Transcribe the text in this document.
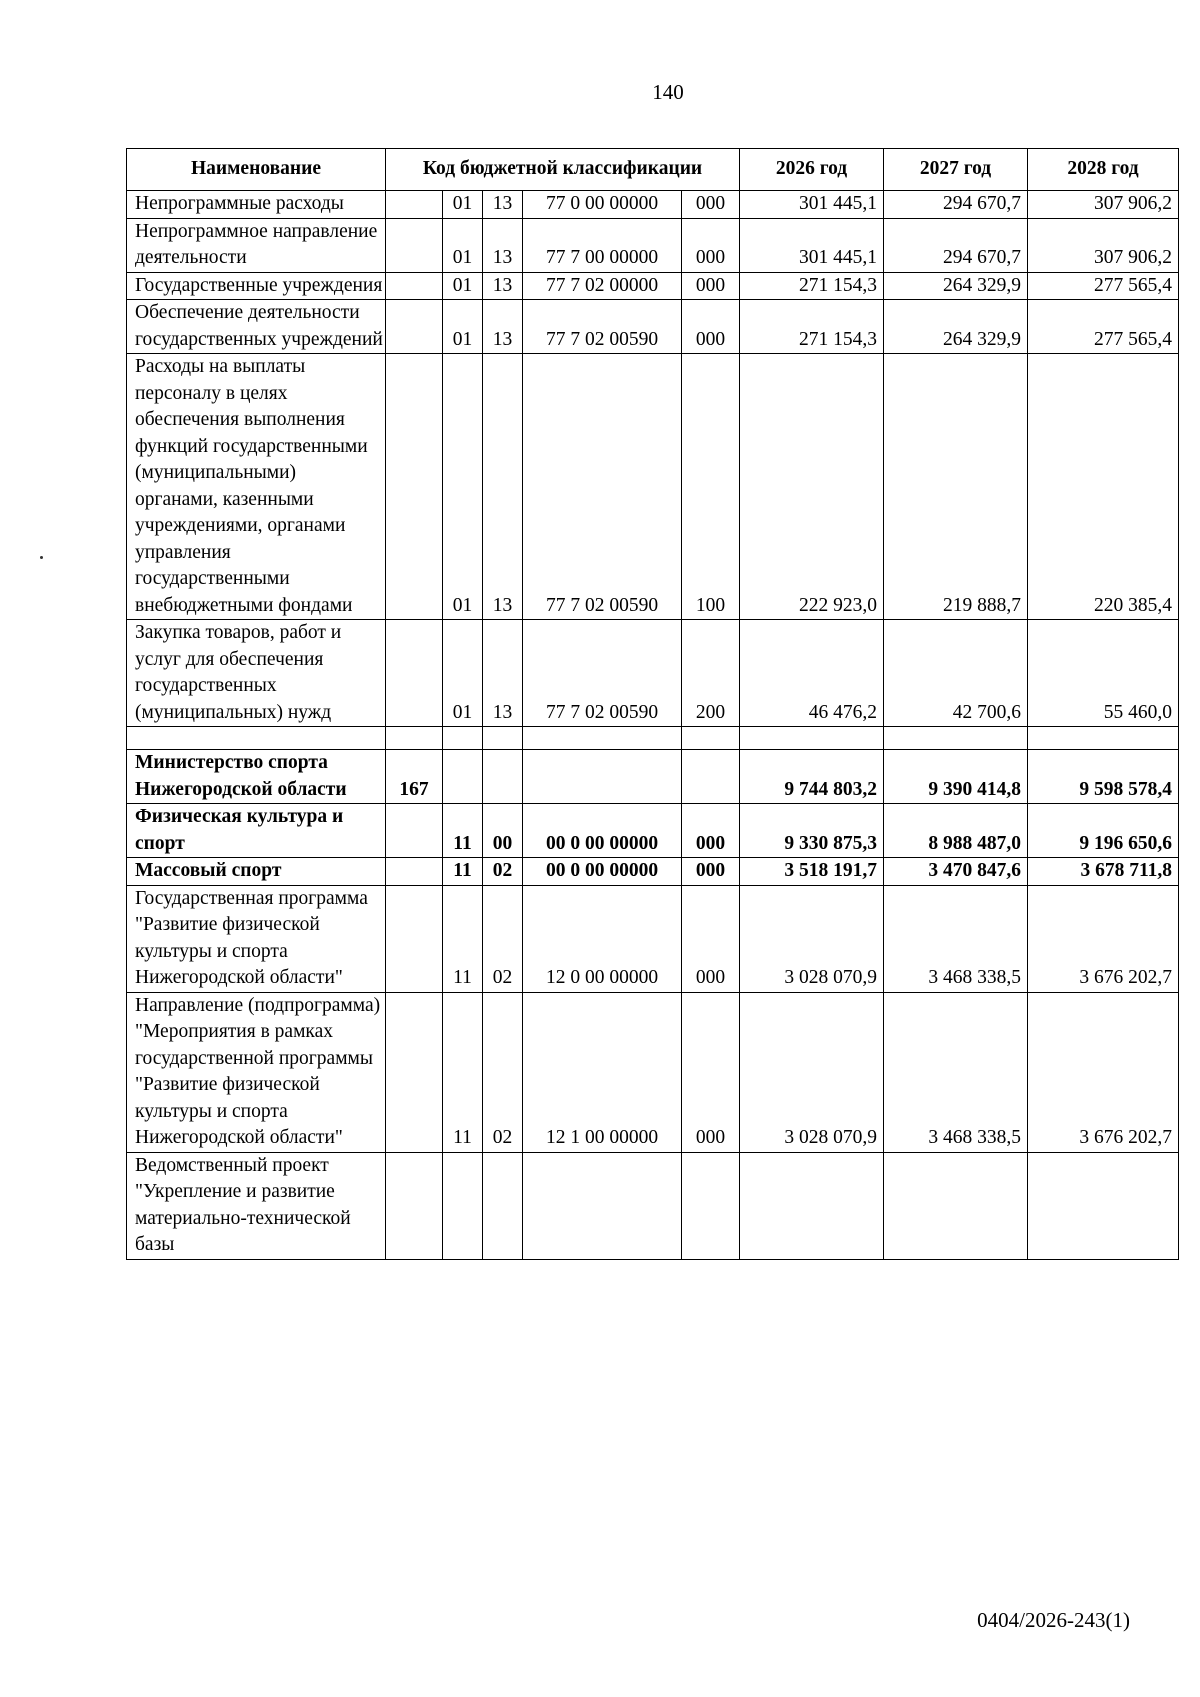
140
Наименование	Код бюджетной классификации					2026 год	2027 год	2028 год
Непрограммные расходы		01	13	77 0 00 00000	000	301 445,1	294 670,7	307 906,2
Непрограммное направление деятельности		01	13	77 7 00 00000	000	301 445,1	294 670,7	307 906,2
Государственные учреждения		01	13	77 7 02 00000	000	271 154,3	264 329,9	277 565,4
Обеспечение деятельности государственных учреждений		01	13	77 7 02 00590	000	271 154,3	264 329,9	277 565,4
Расходы на выплаты персоналу в целях обеспечения выполнения функций государственными (муниципальными) органами, казенными учреждениями, органами управления государственными внебюджетными фондами		01	13	77 7 02 00590	100	222 923,0	219 888,7	220 385,4
Закупка товаров, работ и услуг для обеспечения государственных (муниципальных) нужд		01	13	77 7 02 00590	200	46 476,2	42 700,6	55 460,0

Министерство спорта Нижегородской области	167					9 744 803,2	9 390 414,8	9 598 578,4
Физическая культура и спорт		11	00	00 0 00 00000	000	9 330 875,3	8 988 487,0	9 196 650,6
Массовый спорт		11	02	00 0 00 00000	000	3 518 191,7	3 470 847,6	3 678 711,8
Государственная программа "Развитие физической культуры и спорта Нижегородской области"		11	02	12 0 00 00000	000	3 028 070,9	3 468 338,5	3 676 202,7
Направление (подпрограмма) "Мероприятия в рамках государственной программы "Развитие физической культуры и спорта Нижегородской области"		11	02	12 1 00 00000	000	3 028 070,9	3 468 338,5	3 676 202,7
Ведомственный проект "Укрепление и развитие материально-технической базы								
0404/2026-243(1)
